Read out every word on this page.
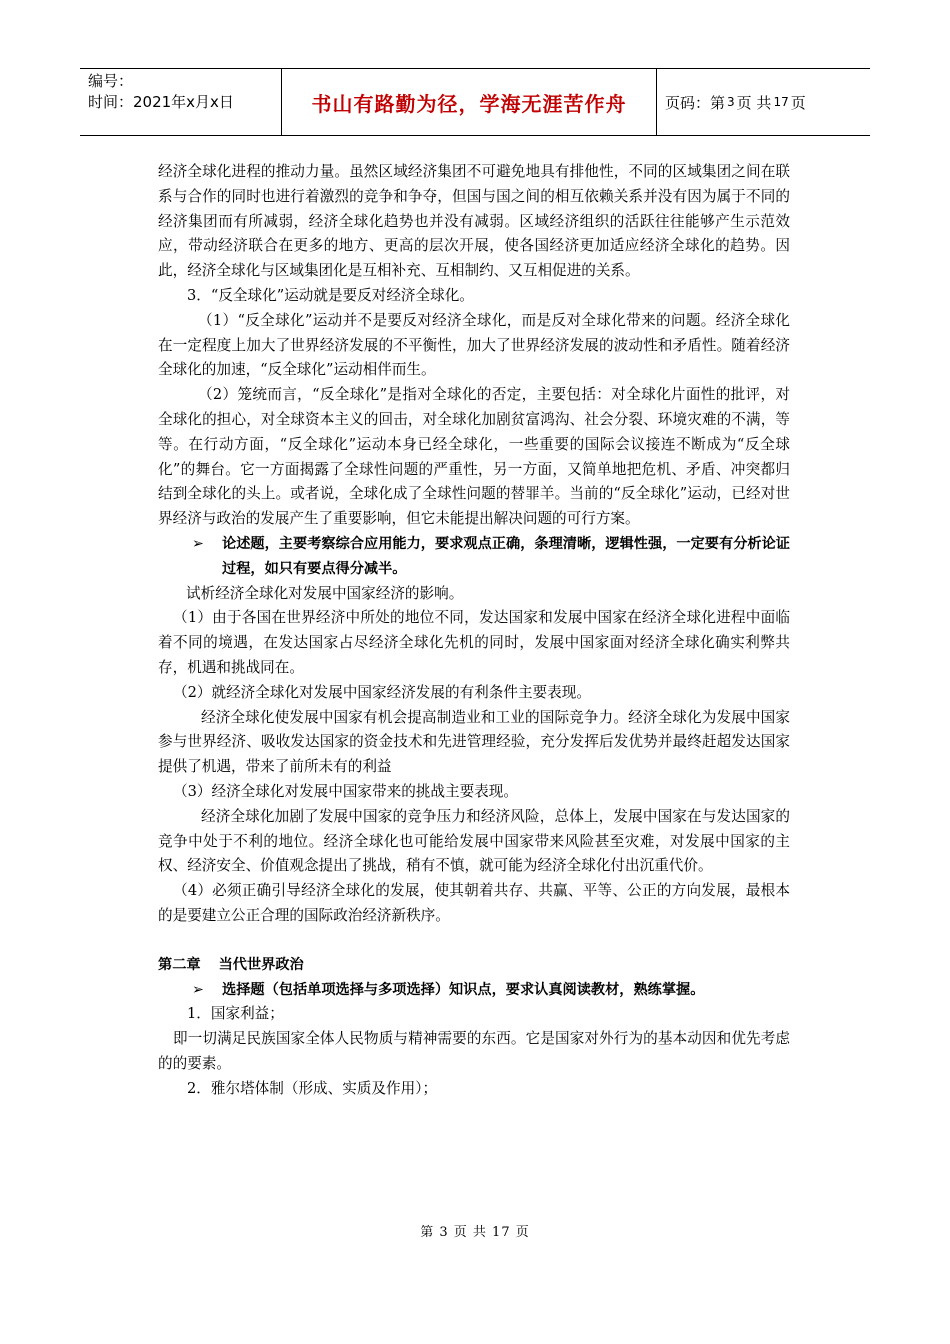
编号：
时间：2021年x月x日	书山有路勤为径，学海无涯苦作舟	页码：第 3 页 共 17 页

经济全球化进程的推动力量。虽然区域经济集团不可避免地具有排他性，不同的区域集团之间在联系与合作的同时也进行着激烈的竞争和争夺，但国与国之间的相互依赖关系并没有因为属于不同的经济集团而有所减弱，经济全球化趋势也并没有减弱。区域经济组织的活跃往往能够产生示范效应，带动经济联合在更多的地方、更高的层次开展，使各国经济更加适应经济全球化的趋势。因此，经济全球化与区域集团化是互相补充、互相制约、又互相促进的关系。

3．“反全球化”运动就是要反对经济全球化。

（1）“反全球化”运动并不是要反对经济全球化，而是反对全球化带来的问题。经济全球化在一定程度上加大了世界经济发展的不平衡性，加大了世界经济发展的波动性和矛盾性。随着经济全球化的加速，“反全球化”运动相伴而生。

（2）笼统而言，“反全球化”是指对全球化的否定，主要包括：对全球化片面性的批评，对全球化的担心，对全球资本主义的回击，对全球化加剧贫富鸿沟、社会分裂、环境灾难的不满，等等。在行动方面，“反全球化”运动本身已经全球化，一些重要的国际会议接连不断成为“反全球化”的舞台。它一方面揭露了全球性问题的严重性，另一方面，又简单地把危机、矛盾、冲突都归结到全球化的头上。或者说，全球化成了全球性问题的替罪羊。当前的“反全球化”运动，已经对世界经济与政治的发展产生了重要影响，但它未能提出解决问题的可行方案。

➢ 论述题，主要考察综合应用能力，要求观点正确，条理清晰，逻辑性强，一定要有分析论证过程，如只有要点得分减半。

试析经济全球化对发展中国家经济的影响。

（1）由于各国在世界经济中所处的地位不同，发达国家和发展中国家在经济全球化进程中面临着不同的境遇，在发达国家占尽经济全球化先机的同时，发展中国家面对经济全球化确实利弊共存，机遇和挑战同在。

（2）就经济全球化对发展中国家经济发展的有利条件主要表现。

经济全球化使发展中国家有机会提高制造业和工业的国际竞争力。经济全球化为发展中国家参与世界经济、吸收发达国家的资金技术和先进管理经验，充分发挥后发优势并最终赶超发达国家提供了机遇，带来了前所未有的利益

（3）经济全球化对发展中国家带来的挑战主要表现。

经济全球化加剧了发展中国家的竞争压力和经济风险，总体上，发展中国家在与发达国家的竞争中处于不利的地位。经济全球化也可能给发展中国家带来风险甚至灾难，对发展中国家的主权、经济安全、价值观念提出了挑战，稍有不慎，就可能为经济全球化付出沉重代价。

（4）必须正确引导经济全球化的发展，使其朝着共存、共赢、平等、公正的方向发展，最根本的是要建立公正合理的国际政治经济新秩序。

第二章 当代世界政治

➢ 选择题（包括单项选择与多项选择）知识点，要求认真阅读教材，熟练掌握。

1．国家利益；

即一切满足民族国家全体人民物质与精神需要的东西。它是国家对外行为的基本动因和优先考虑的的要素。

2．雅尔塔体制（形成、实质及作用）；

第 3 页 共 17 页
